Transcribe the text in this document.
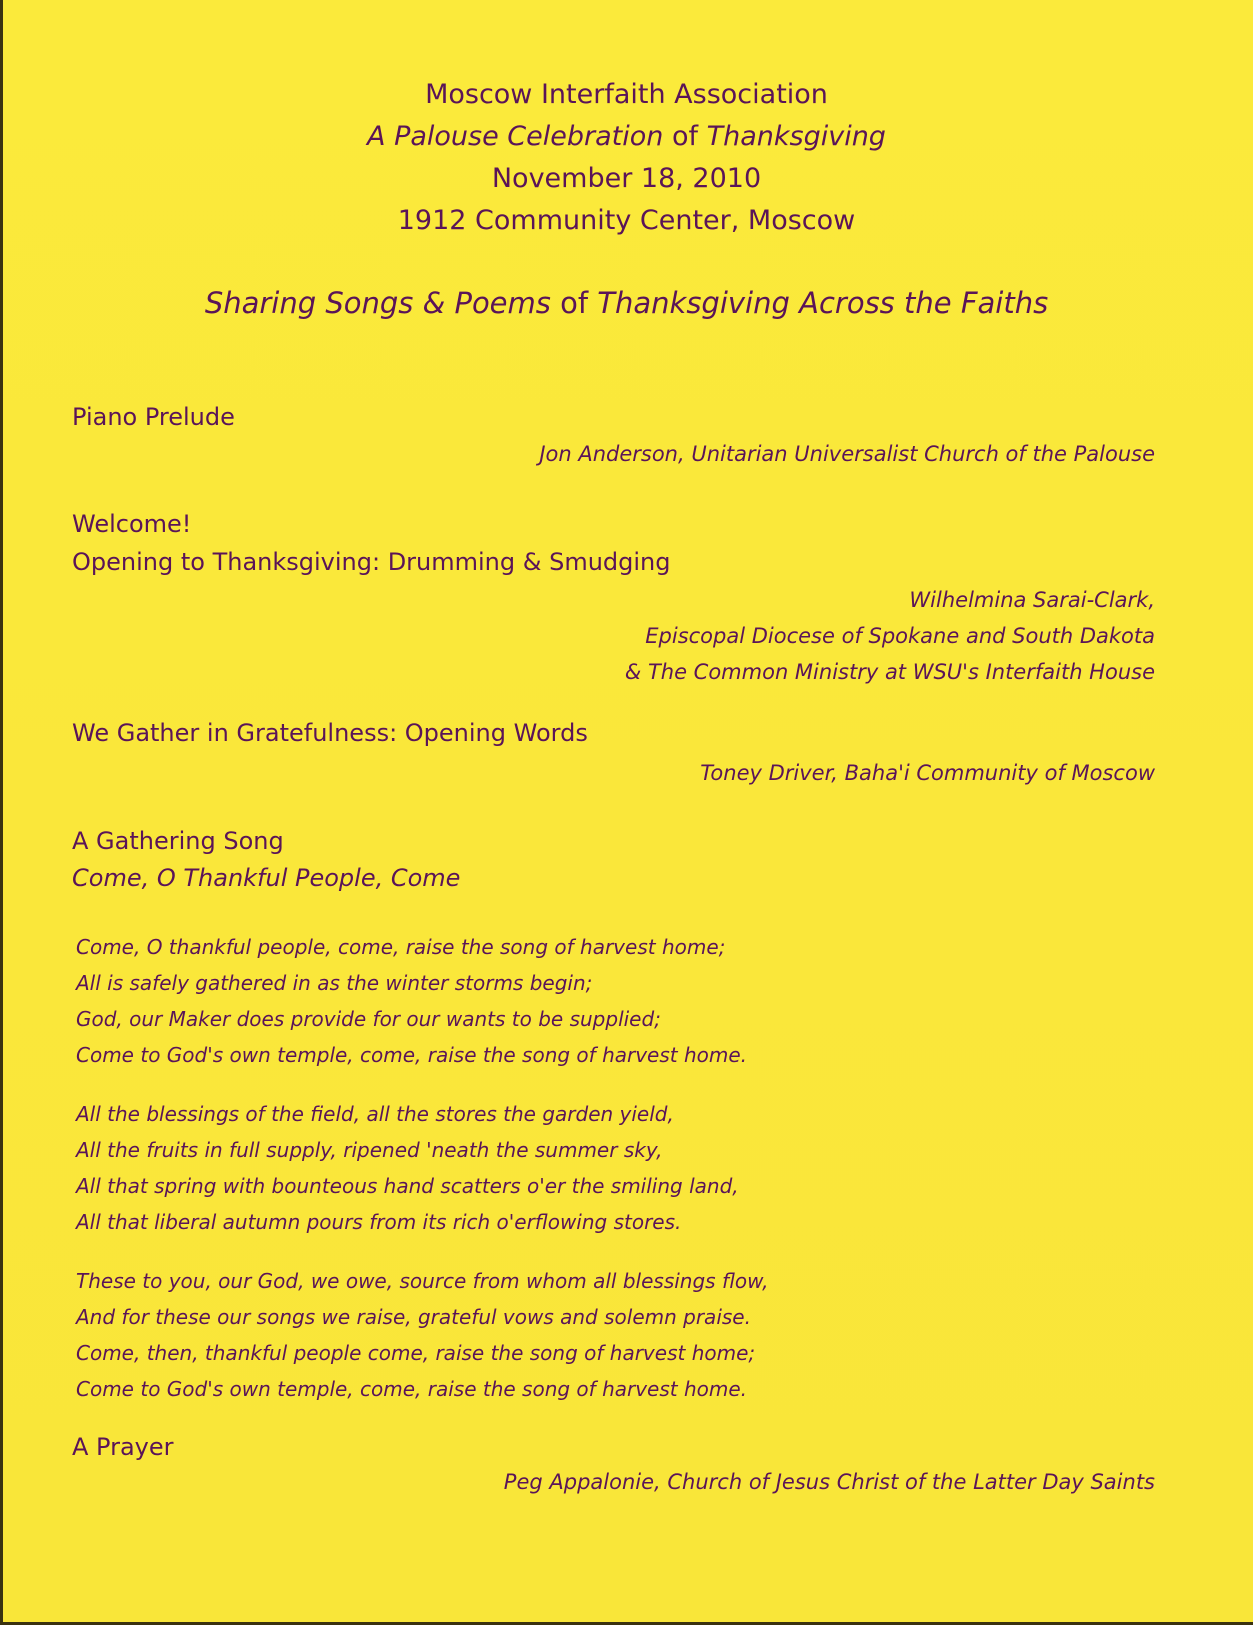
Moscow Interfaith Association
A Palouse Celebration of Thanksgiving
November 18, 2010
1912 Community Center, Moscow
Sharing Songs & Poems of Thanksgiving Across the Faiths
Piano Prelude
Jon Anderson, Unitarian Universalist Church of the Palouse
Welcome!
Opening to Thanksgiving: Drumming & Smudging
Wilhelmina Sarai-Clark,
Episcopal Diocese of Spokane and South Dakota
& The Common Ministry at WSU's Interfaith House
We Gather in Gratefulness: Opening Words
Toney Driver, Baha'i Community of Moscow
A Gathering Song
Come, O Thankful People, Come
Come, O thankful people, come, raise the song of harvest home;
All is safely gathered in as the winter storms begin;
God, our Maker does provide for our wants to be supplied;
Come to God's own temple, come, raise the song of harvest home.
All the blessings of the field, all the stores the garden yield,
All the fruits in full supply, ripened 'neath the summer sky,
All that spring with bounteous hand scatters o'er the smiling land,
All that liberal autumn pours from its rich o'erflowing stores.
These to you, our God, we owe, source from whom all blessings flow,
And for these our songs we raise, grateful vows and solemn praise.
Come, then, thankful people come, raise the song of harvest home;
Come to God's own temple, come, raise the song of harvest home.
A Prayer
Peg Appalonie, Church of Jesus Christ of the Latter Day Saints
